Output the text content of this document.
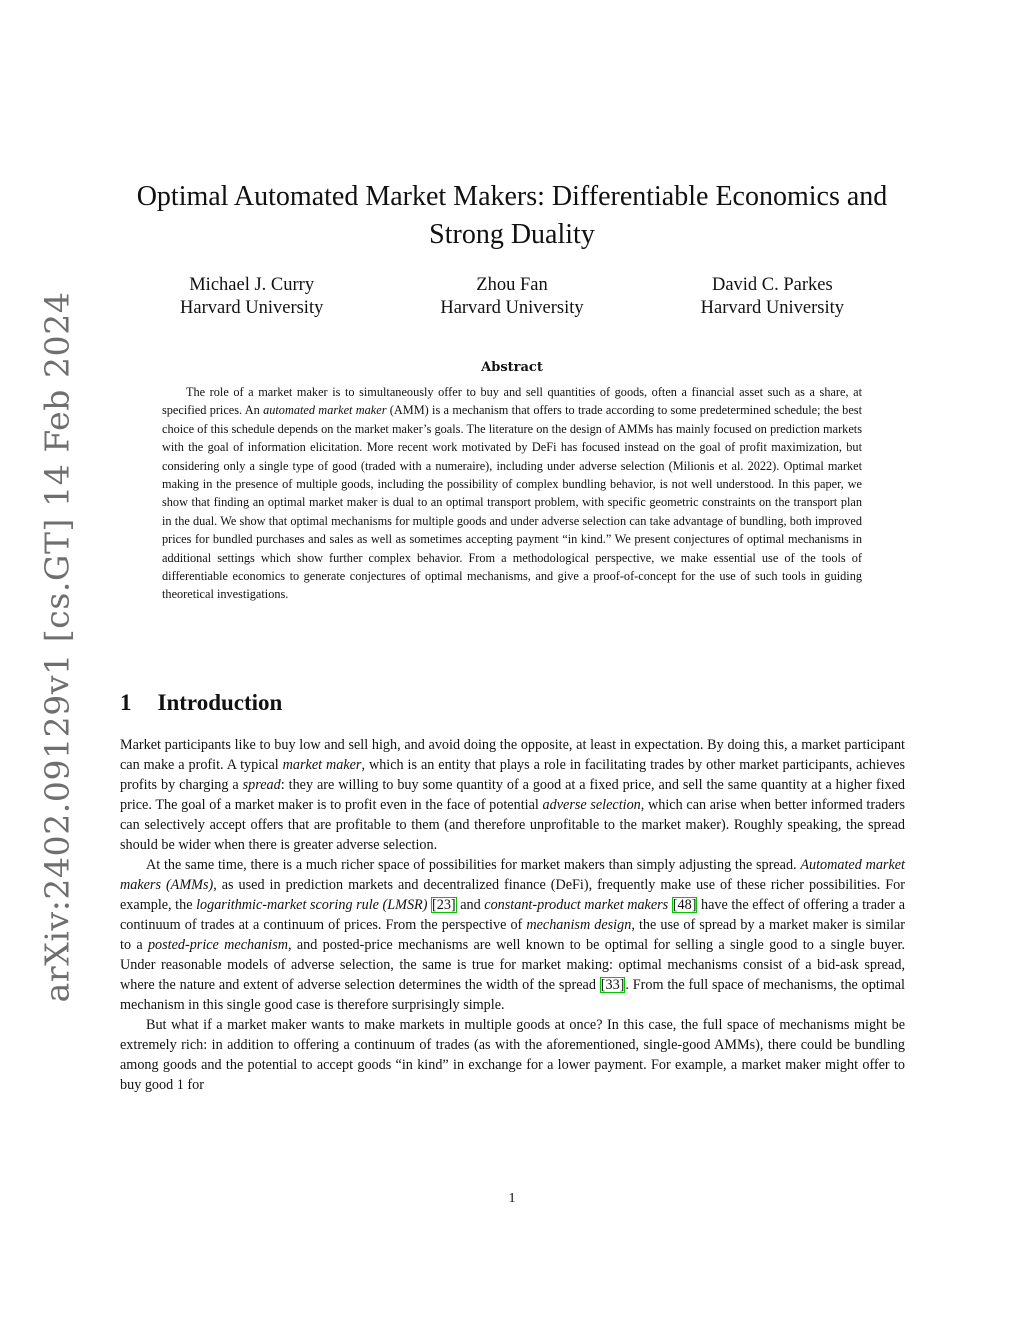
arXiv:2402.09129v1 [cs.GT] 14 Feb 2024
Optimal Automated Market Makers: Differentiable Economics and
Strong Duality
Michael J. Curry
Harvard University
Zhou Fan
Harvard University
David C. Parkes
Harvard University
Abstract

The role of a market maker is to simultaneously offer to buy and sell quantities of goods, often a financial asset such as a share, at specified prices. An automated market maker (AMM) is a mechanism that offers to trade according to some predetermined schedule; the best choice of this schedule depends on the market maker’s goals. The literature on the design of AMMs has mainly focused on prediction markets with the goal of information elicitation. More recent work motivated by DeFi has focused instead on the goal of profit maximization, but considering only a single type of good (traded with a numeraire), including under adverse selection (Milionis et al. 2022). Optimal market making in the presence of multiple goods, including the possibility of complex bundling behavior, is not well understood. In this paper, we show that finding an optimal market maker is dual to an optimal transport problem, with specific geometric constraints on the transport plan in the dual. We show that optimal mechanisms for multiple goods and under adverse selection can take advantage of bundling, both improved prices for bundled purchases and sales as well as sometimes accepting payment “in kind.” We present conjectures of optimal mechanisms in additional settings which show further complex behavior. From a methodological perspective, we make essential use of the tools of differentiable economics to generate conjectures of optimal mechanisms, and give a proof-of-concept for the use of such tools in guiding theoretical investigations.

1 Introduction

Market participants like to buy low and sell high, and avoid doing the opposite, at least in expectation. By doing this, a market participant can make a profit. A typical market maker, which is an entity that plays a role in facilitating trades by other market participants, achieves profits by charging a spread: they are willing to buy some quantity of a good at a fixed price, and sell the same quantity at a higher fixed price. The goal of a market maker is to profit even in the face of potential adverse selection, which can arise when better informed traders can selectively accept offers that are profitable to them (and therefore unprofitable to the market maker). Roughly speaking, the spread should be wider when there is greater adverse selection.

At the same time, there is a much richer space of possibilities for market makers than simply adjusting the spread. Automated market makers (AMMs), as used in prediction markets and decentralized finance (DeFi), frequently make use of these richer possibilities. For example, the logarithmic-market scoring rule (LMSR) [23] and constant-product market makers [48] have the effect of offering a trader a continuum of trades at a continuum of prices. From the perspective of mechanism design, the use of spread by a market maker is similar to a posted-price mechanism, and posted-price mechanisms are well known to be optimal for selling a single good to a single buyer. Under reasonable models of adverse selection, the same is true for market making: optimal mechanisms consist of a bid-ask spread, where the nature and extent of adverse selection determines the width of the spread [33]. From the full space of mechanisms, the optimal mechanism in this single good case is therefore surprisingly simple.

But what if a market maker wants to make markets in multiple goods at once? In this case, the full space of mechanisms might be extremely rich: in addition to offering a continuum of trades (as with the aforementioned, single-good AMMs), there could be bundling among goods and the potential to accept goods “in kind” in exchange for a lower payment. For example, a market maker might offer to buy good 1 for

1
